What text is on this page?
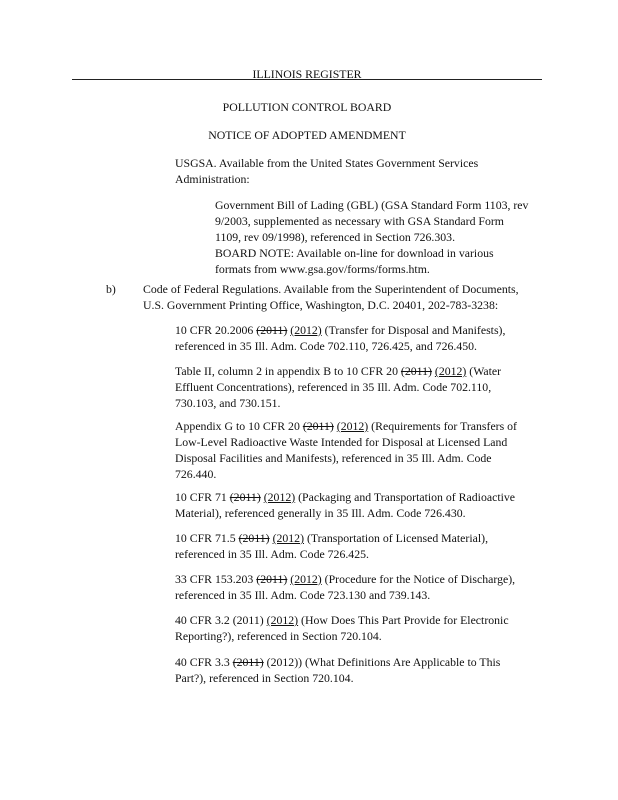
ILLINOIS REGISTER
POLLUTION CONTROL BOARD
NOTICE OF ADOPTED AMENDMENT
USGSA. Available from the United States Government Services
Administration:
Government Bill of Lading (GBL) (GSA Standard Form 1103, rev
9/2003, supplemented as necessary with GSA Standard Form
1109, rev 09/1998), referenced in Section 726.303.
BOARD NOTE: Available on-line for download in various
formats from www.gsa.gov/forms/forms.htm.
b) Code of Federal Regulations. Available from the Superintendent of Documents,
U.S. Government Printing Office, Washington, D.C. 20401, 202-783-3238:
10 CFR 20.2006 (2011) (2012) (Transfer for Disposal and Manifests),
referenced in 35 Ill. Adm. Code 702.110, 726.425, and 726.450.
Table II, column 2 in appendix B to 10 CFR 20 (2011) (2012) (Water
Effluent Concentrations), referenced in 35 Ill. Adm. Code 702.110,
730.103, and 730.151.
Appendix G to 10 CFR 20 (2011) (2012) (Requirements for Transfers of
Low-Level Radioactive Waste Intended for Disposal at Licensed Land
Disposal Facilities and Manifests), referenced in 35 Ill. Adm. Code
726.440.
10 CFR 71 (2011) (2012) (Packaging and Transportation of Radioactive
Material), referenced generally in 35 Ill. Adm. Code 726.430.
10 CFR 71.5 (2011) (2012) (Transportation of Licensed Material),
referenced in 35 Ill. Adm. Code 726.425.
33 CFR 153.203 (2011) (2012) (Procedure for the Notice of Discharge),
referenced in 35 Ill. Adm. Code 723.130 and 739.143.
40 CFR 3.2 (2011) (2012) (How Does This Part Provide for Electronic
Reporting?), referenced in Section 720.104.
40 CFR 3.3 (2011) (2012)) (What Definitions Are Applicable to This
Part?), referenced in Section 720.104.
